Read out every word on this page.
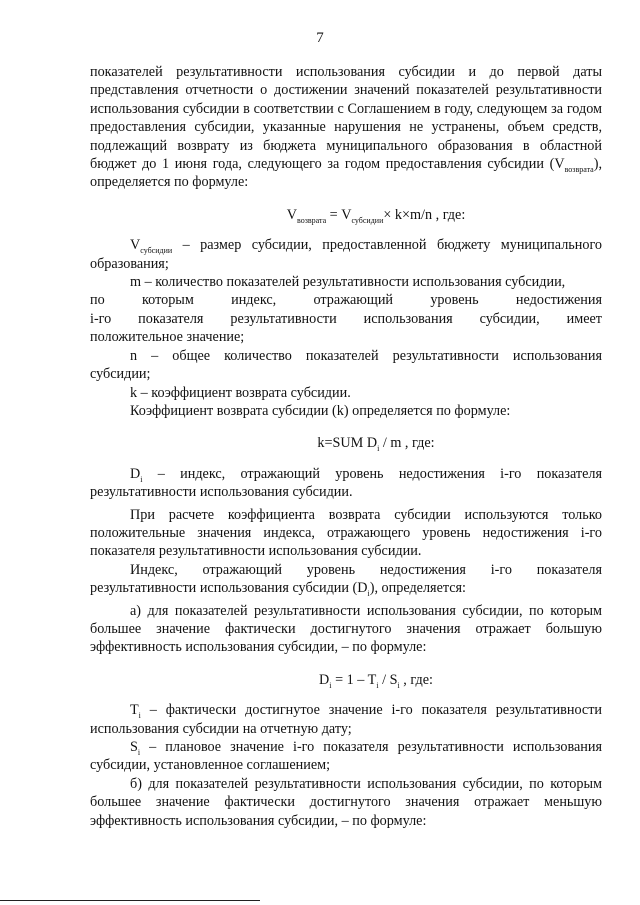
7

показателей результативности использования субсидии и до первой даты представления отчетности о достижении значений показателей результативности использования субсидии в соответствии с Соглашением в году, следующем за годом предоставления субсидии, указанные нарушения не устранены, объем средств, подлежащий возврату из бюджета муниципального образования в областной бюджет до 1 июня года, следующего за годом предоставления субсидии $(V_{возврата})$, определяется по формуле:

$V_{возврата} = V_{субсидии}\times k\times m/n$ , где:

$V_{субсидии}$ – размер субсидии, предоставленной бюджету муниципального образования;

m – количество показателей результативности использования субсидии,

по которым индекс, отражающий уровень недостижения

i-го показателя результативности использования субсидии, имеет

положительное значение;

n – общее количество показателей результативности использования субсидии;

k – коэффициент возврата субсидии.

Коэффициент возврата субсидии (k) определяется по формуле:

k=SUM $D_i$ / m , где:

$D_i$ – индекс, отражающий уровень недостижения i-го показателя результативности использования субсидии.

При расчете коэффициента возврата субсидии используются только положительные значения индекса, отражающего уровень недостижения i-го показателя результативности использования субсидии.

Индекс, отражающий уровень недостижения i-го показателя

результативности использования субсидии $(D_i)$, определяется:

а) для показателей результативности использования субсидии, по которым большее значение фактически достигнутого значения отражает большую эффективность использования субсидии, – по формуле:

$D_i = 1 - T_i / S_i$ , где:

$T_i$ – фактически достигнутое значение i-го показателя результативности использования субсидии на отчетную дату;

$S_i$ – плановое значение i-го показателя результативности использования субсидии, установленное соглашением;

б) для показателей результативности использования субсидии, по которым большее значение фактически достигнутого значения отражает меньшую эффективность использования субсидии, – по формуле:
